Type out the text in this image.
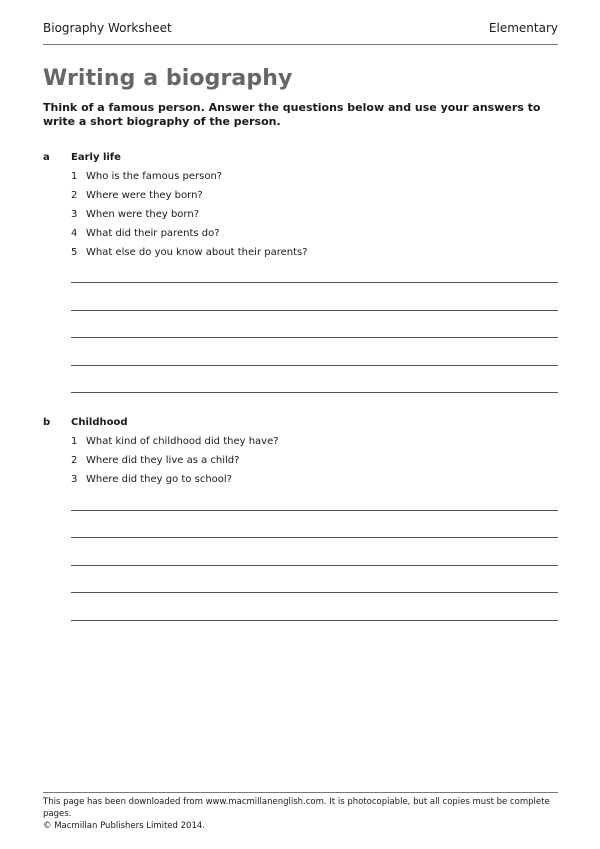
Biography Worksheet	Elementary
Writing a biography
Think of a famous person. Answer the questions below and use your answers to write a short biography of the person.
a Early life
1 Who is the famous person?
2 Where were they born?
3 When were they born?
4 What did their parents do?
5 What else do you know about their parents?
b Childhood
1 What kind of childhood did they have?
2 Where did they live as a child?
3 Where did they go to school?
This page has been downloaded from www.macmillanenglish.com. It is photocopiable, but all copies must be complete pages.
© Macmillan Publishers Limited 2014.
